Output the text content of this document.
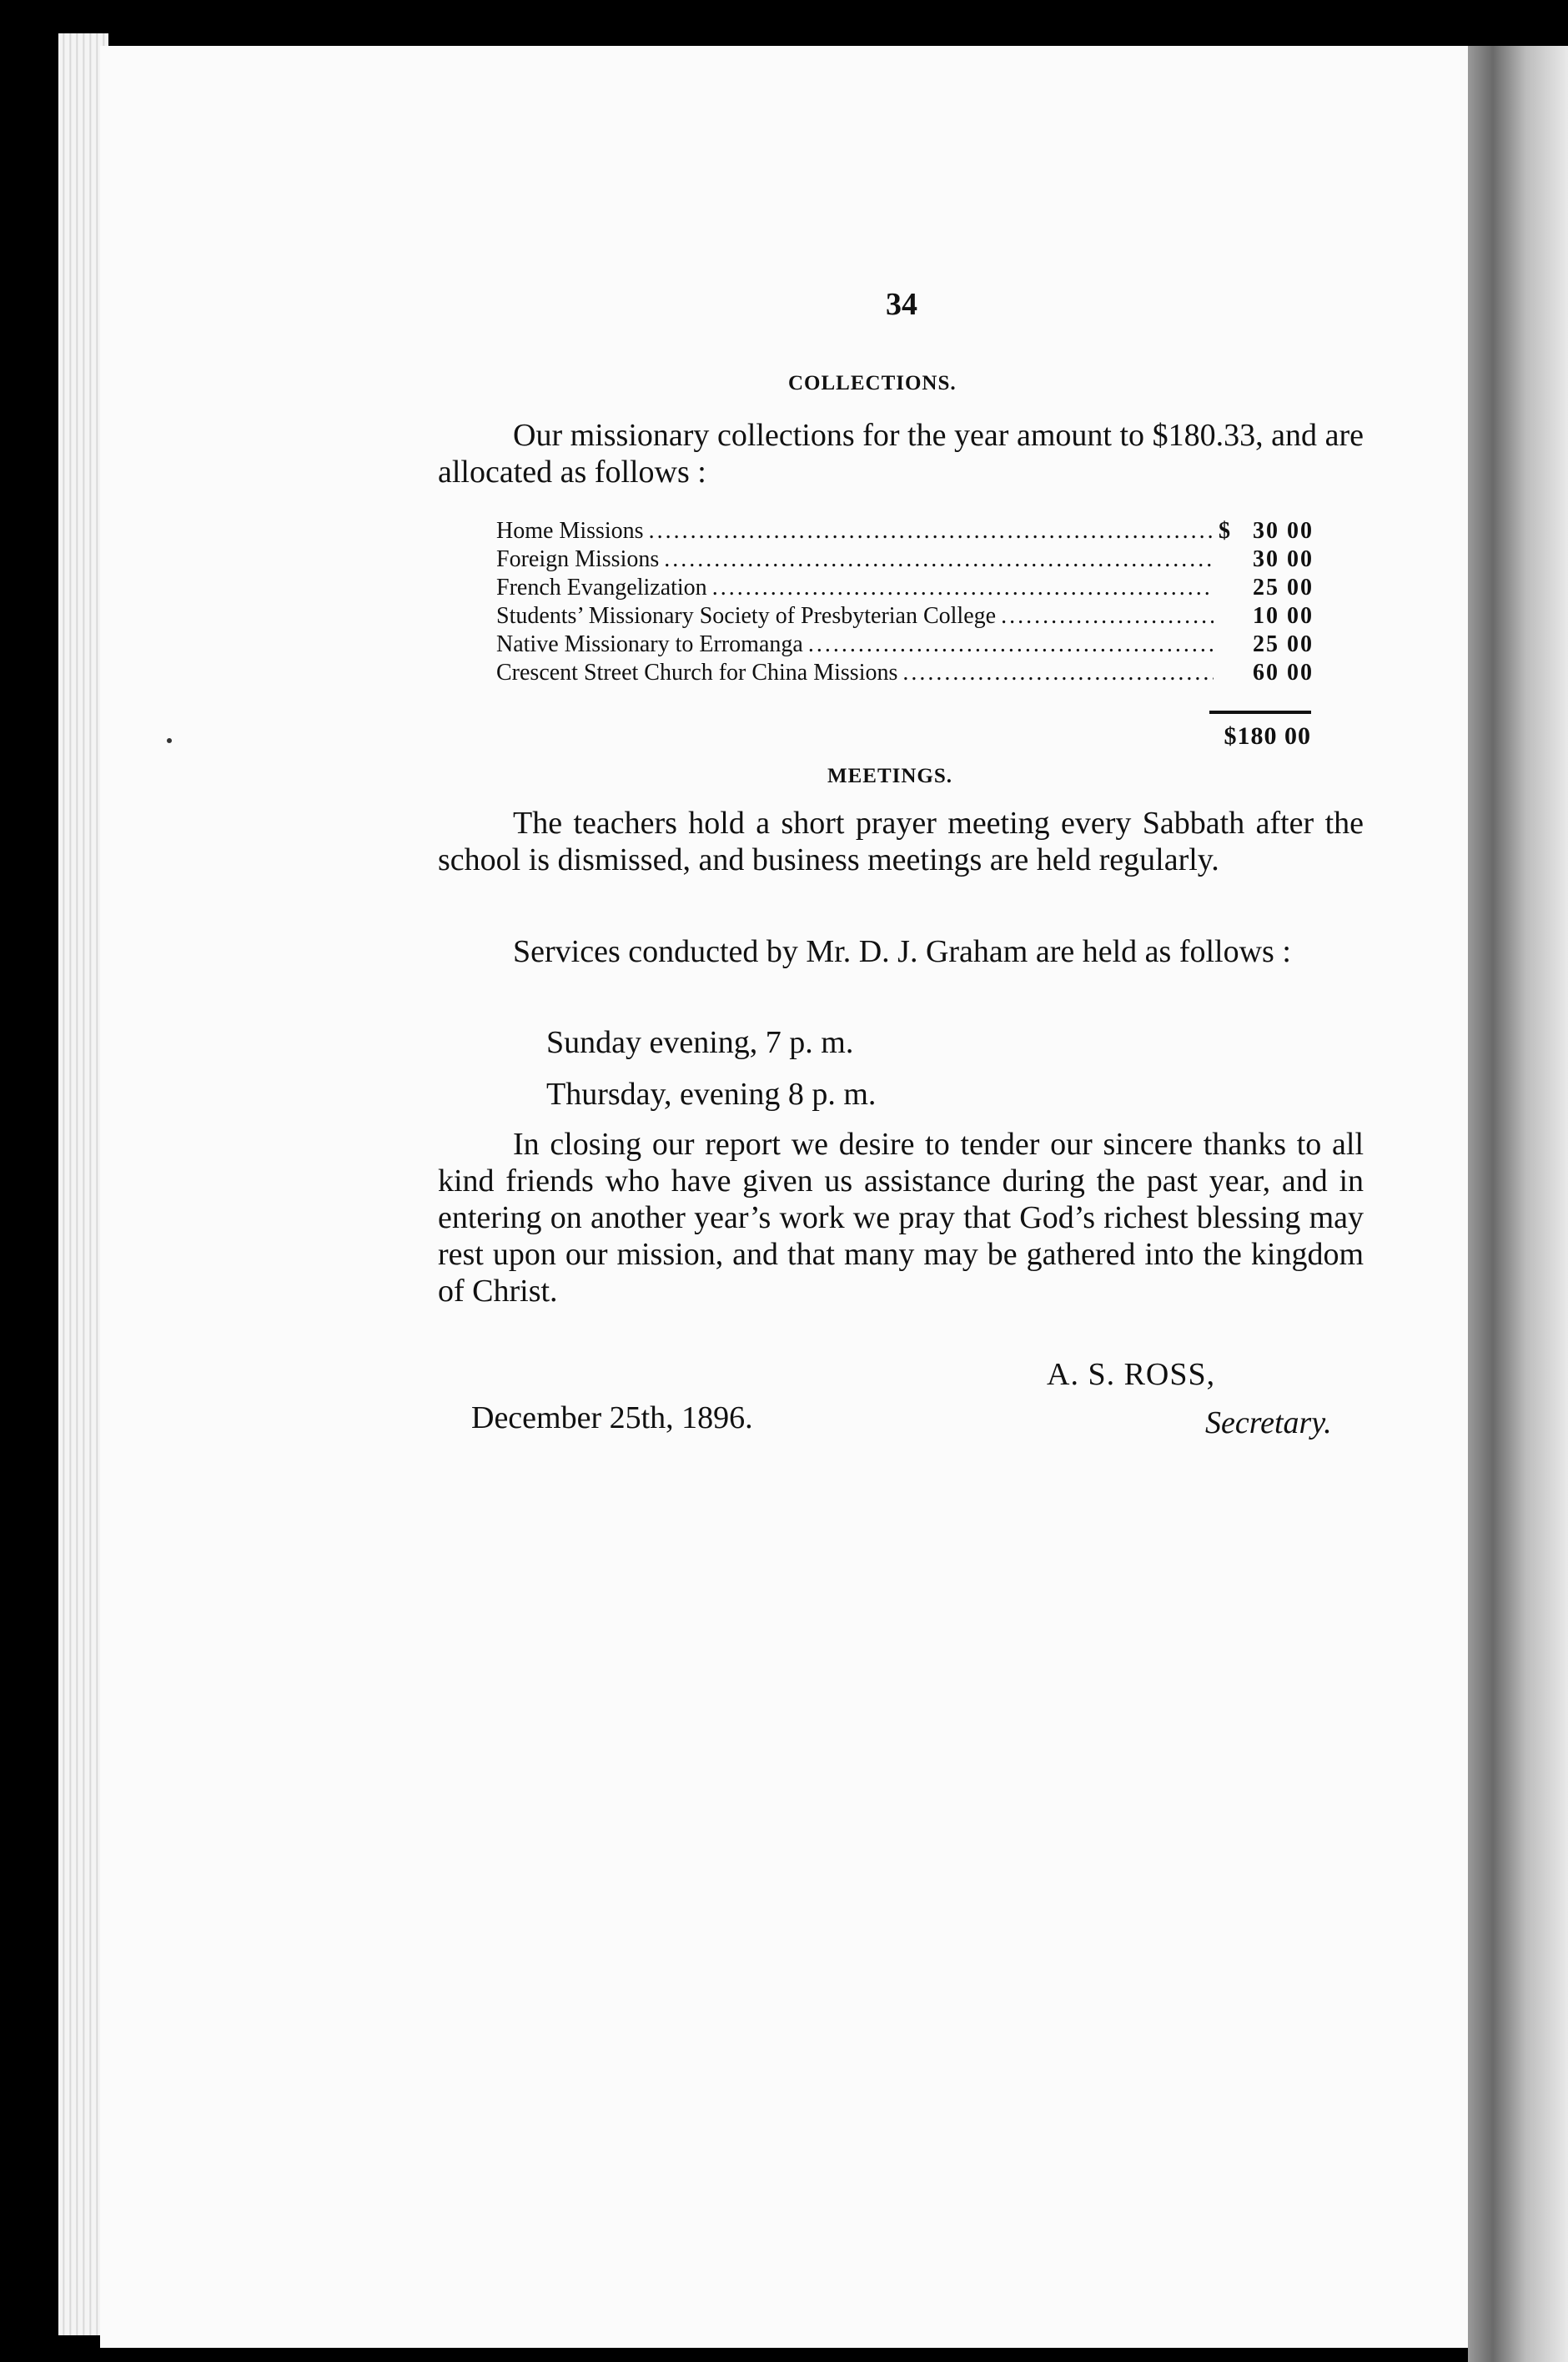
34
COLLECTIONS.

Our missionary collections for the year amount to $180.33, and are allocated as follows :

Home Missions .....	$ 30 00
Foreign Missions .....	30 00
French Evangelization .....	25 00
Students’ Missionary Society of Presbyterian College .....	10 00
Native Missionary to Erromanga .....	25 00
Crescent Street Church for China Missions .....	60 00
$180 00
MEETINGS.

The teachers hold a short prayer meeting every Sabbath after the school is dismissed, and business meetings are held regularly.

Services conducted by Mr. D. J. Graham are held as follows :

Sunday evening, 7 p. m.
Thursday, evening 8 p. m.

In closing our report we desire to tender our sincere thanks to all kind friends who have given us assistance during the past year, and in entering on another year’s work we pray that God’s richest blessing may rest upon our mission, and that many may be gathered into the kingdom of Christ.

A. S. ROSS,
December 25th, 1896.	Secretary.
